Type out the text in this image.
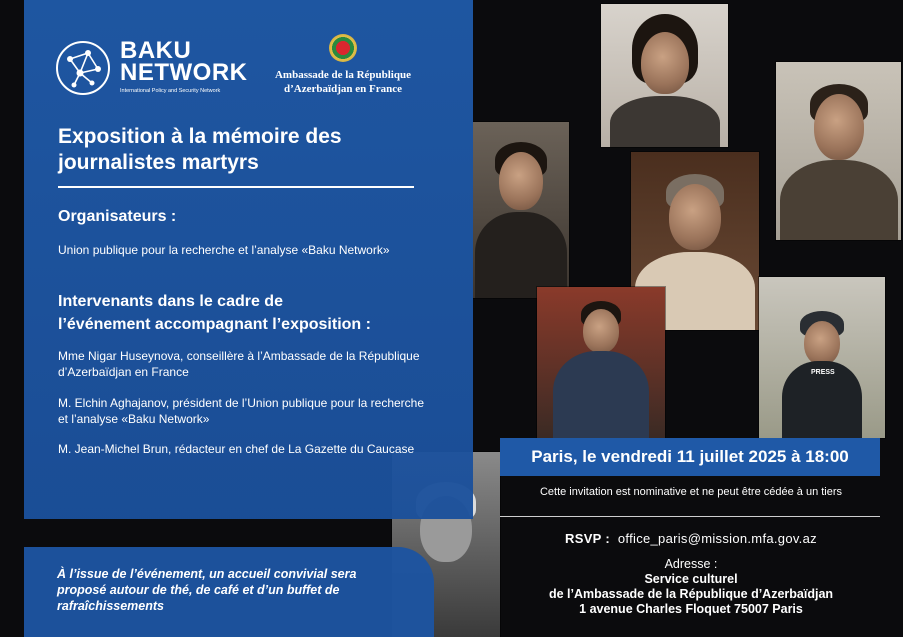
PRESS
BAKU
NETWORK
International Policy and Security Network
Ambassade de la République
d’Azerbaïdjan en France
Exposition à la mémoire des
journalistes martyrs
Organisateurs :
Union publique pour la recherche et l’analyse «Baku Network»
Intervenants dans le cadre de
l’événement accompagnant l’exposition :
Mme Nigar Huseynova, conseillère à l’Ambassade de la République d’Azerbaïdjan en France
M. Elchin Aghajanov, président de l’Union publique pour la recherche et l’analyse «Baku Network»
M. Jean-Michel Brun, rédacteur en chef de La Gazette du Caucase
À l’issue de l’événement, un accueil convivial sera proposé autour de thé, de café et d’un buffet de rafraîchissements
Paris, le vendredi 11 juillet 2025 à 18:00
Cette invitation est nominative et ne peut être cédée à un tiers
RSVP : office_paris@mission.mfa.gov.az
Adresse :
Service culturel
de l’Ambassade de la République d’Azerbaïdjan
1 avenue Charles Floquet 75007 Paris
